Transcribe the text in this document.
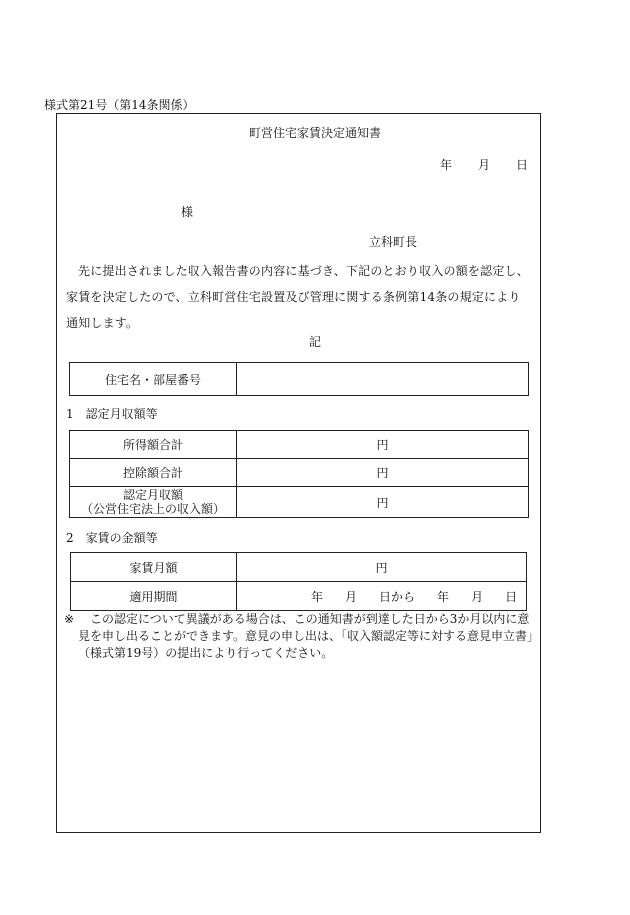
様式第21号（第14条関係）
町営住宅家賃決定通知書
年 月 日
様
立科町長
先に提出されました収入報告書の内容に基づき、下記のとおり収入の額を認定し、家賃を決定したので、立科町営住宅設置及び管理に関する条例第14条の規定により通知します。
記
住宅名・部屋番号	
1　認定月収額等
所得額合計	円
控除額合計	円

認定月収額
（公営住宅法上の収入額）	円
2　家賃の金額等
家賃月額	円
適用期間	年 月 日から 年 月 日
※	この認定について異議がある場合は、この通知書が到達した日から3か月以内に意見を申し出ることができます。意見の申し出は、「収入額認定等に対する意見申立書」（様式第19号）の提出により行ってください。
